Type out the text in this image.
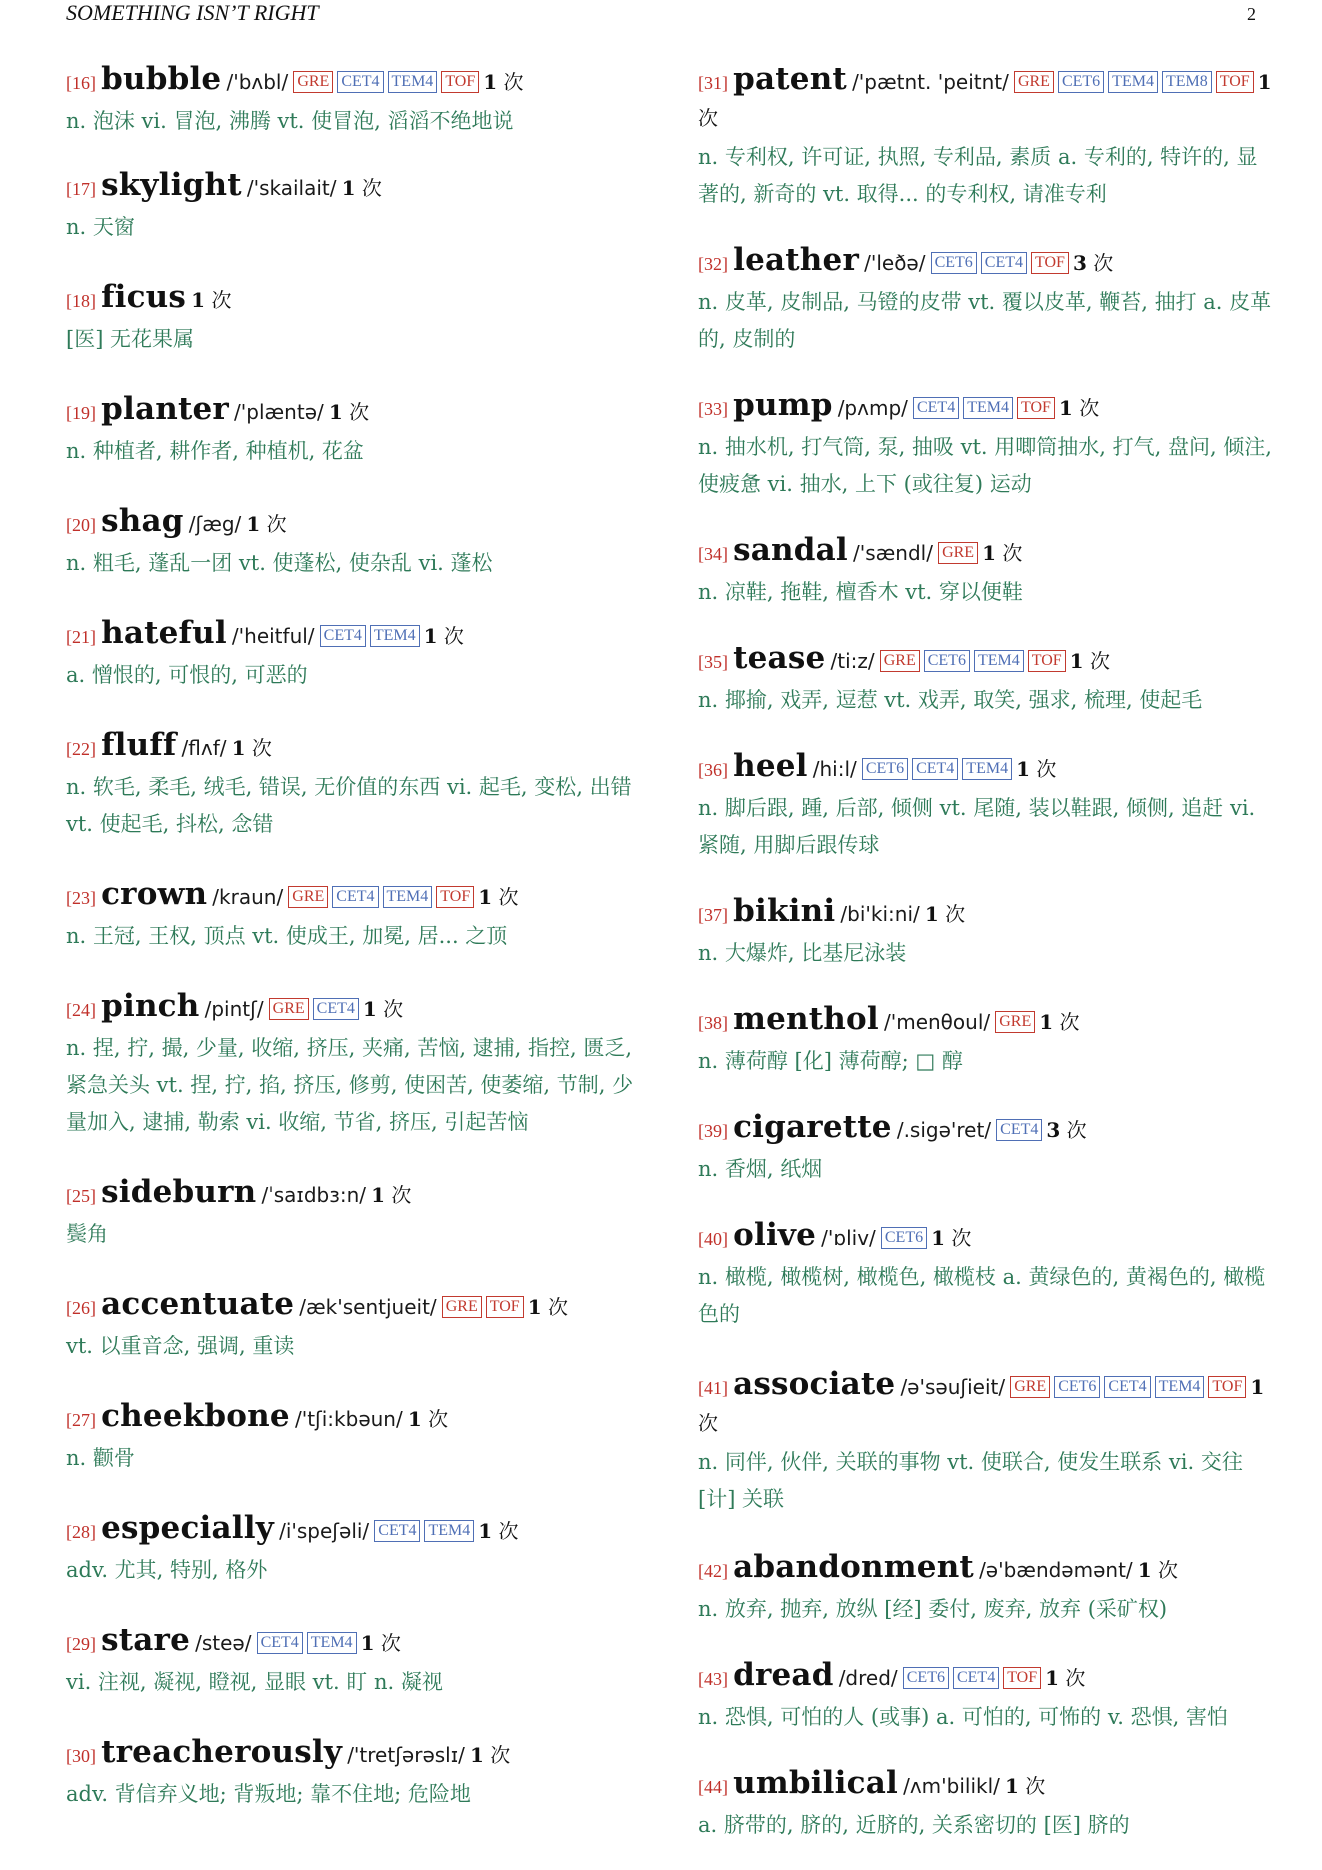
SOMETHING ISN’T RIGHT	2
[16] bubble /'bʌbl/ GRE CET4 TEM4 TOF 1 次
n. 泡沫 vi. 冒泡, 沸腾 vt. 使冒泡, 滔滔不绝地说
[17] skylight /'skailait/ 1 次
n. 天窗
[18] ficus 1 次
[医] 无花果属
[19] planter /'plæntə/ 1 次
n. 种植者, 耕作者, 种植机, 花盆
[20] shag /ʃæg/ 1 次
n. 粗毛, 蓬乱一团 vt. 使蓬松, 使杂乱 vi. 蓬松
[21] hateful /'heitful/ CET4 TEM4 1 次
a. 憎恨的, 可恨的, 可恶的
[22] fluff /flʌf/ 1 次
n. 软毛, 柔毛, 绒毛, 错误, 无价值的东西 vi. 起毛, 变松, 出错 vt. 使起毛, 抖松, 念错
[23] crown /kraun/ GRE CET4 TEM4 TOF 1 次
n. 王冠, 王权, 顶点 vt. 使成王, 加冕, 居... 之顶
[24] pinch /pintʃ/ GRE CET4 1 次
n. 捏, 拧, 撮, 少量, 收缩, 挤压, 夹痛, 苦恼, 逮捕, 指控, 匮乏, 紧急关头 vt. 捏, 拧, 掐, 挤压, 修剪, 使困苦, 使萎缩, 节制, 少量加入, 逮捕, 勒索 vi. 收缩, 节省, 挤压, 引起苦恼
[25] sideburn /ˈsaɪdbɜ:n/ 1 次
鬓角
[26] accentuate /æk'sentjueit/ GRE TOF 1 次
vt. 以重音念, 强调, 重读
[27] cheekbone /'tʃi:kbəun/ 1 次
n. 颧骨
[28] especially /i'speʃəli/ CET4 TEM4 1 次
adv. 尤其, 特别, 格外
[29] stare /steə/ CET4 TEM4 1 次
vi. 注视, 凝视, 瞪视, 显眼 vt. 盯 n. 凝视
[30] treacherously /'tretʃərəslɪ/ 1 次
adv. 背信弃义地; 背叛地; 靠不住地; 危险地
[31] patent /'pætnt. 'peitnt/ GRE CET6 TEM4 TEM8 TOF 1 次
n. 专利权, 许可证, 执照, 专利品, 素质 a. 专利的, 特许的, 显著的, 新奇的 vt. 取得... 的专利权, 请准专利
[32] leather /'leðə/ CET6 CET4 TOF 3 次
n. 皮革, 皮制品, 马镫的皮带 vt. 覆以皮革, 鞭苔, 抽打 a. 皮革的, 皮制的
[33] pump /pʌmp/ CET4 TEM4 TOF 1 次
n. 抽水机, 打气筒, 泵, 抽吸 vt. 用唧筒抽水, 打气, 盘问, 倾注, 使疲惫 vi. 抽水, 上下 (或往复) 运动
[34] sandal /'sændl/ GRE 1 次
n. 凉鞋, 拖鞋, 檀香木 vt. 穿以便鞋
[35] tease /ti:z/ GRE CET6 TEM4 TOF 1 次
n. 揶揄, 戏弄, 逗惹 vt. 戏弄, 取笑, 强求, 梳理, 使起毛
[36] heel /hi:l/ CET6 CET4 TEM4 1 次
n. 脚后跟, 踵, 后部, 倾侧 vt. 尾随, 装以鞋跟, 倾侧, 追赶 vi. 紧随, 用脚后跟传球
[37] bikini /bi'ki:ni/ 1 次
n. 大爆炸, 比基尼泳装
[38] menthol /'menθoul/ GRE 1 次
n. 薄荷醇 [化] 薄荷醇; □ 醇
[39] cigarette /.sigə'ret/ CET4 3 次
n. 香烟, 纸烟
[40] olive /'ɒliv/ CET6 1 次
n. 橄榄, 橄榄树, 橄榄色, 橄榄枝 a. 黄绿色的, 黄褐色的, 橄榄色的
[41] associate /ə'səuʃieit/ GRE CET6 CET4 TEM4 TOF 1 次
n. 同伴, 伙伴, 关联的事物 vt. 使联合, 使发生联系 vi. 交往 [计] 关联
[42] abandonment /ə'bændəmənt/ 1 次
n. 放弃, 抛弃, 放纵 [经] 委付, 废弃, 放弃 (采矿权)
[43] dread /dred/ CET6 CET4 TOF 1 次
n. 恐惧, 可怕的人 (或事) a. 可怕的, 可怖的 v. 恐惧, 害怕
[44] umbilical /ʌm'bilikl/ 1 次
a. 脐带的, 脐的, 近脐的, 关系密切的 [医] 脐的
